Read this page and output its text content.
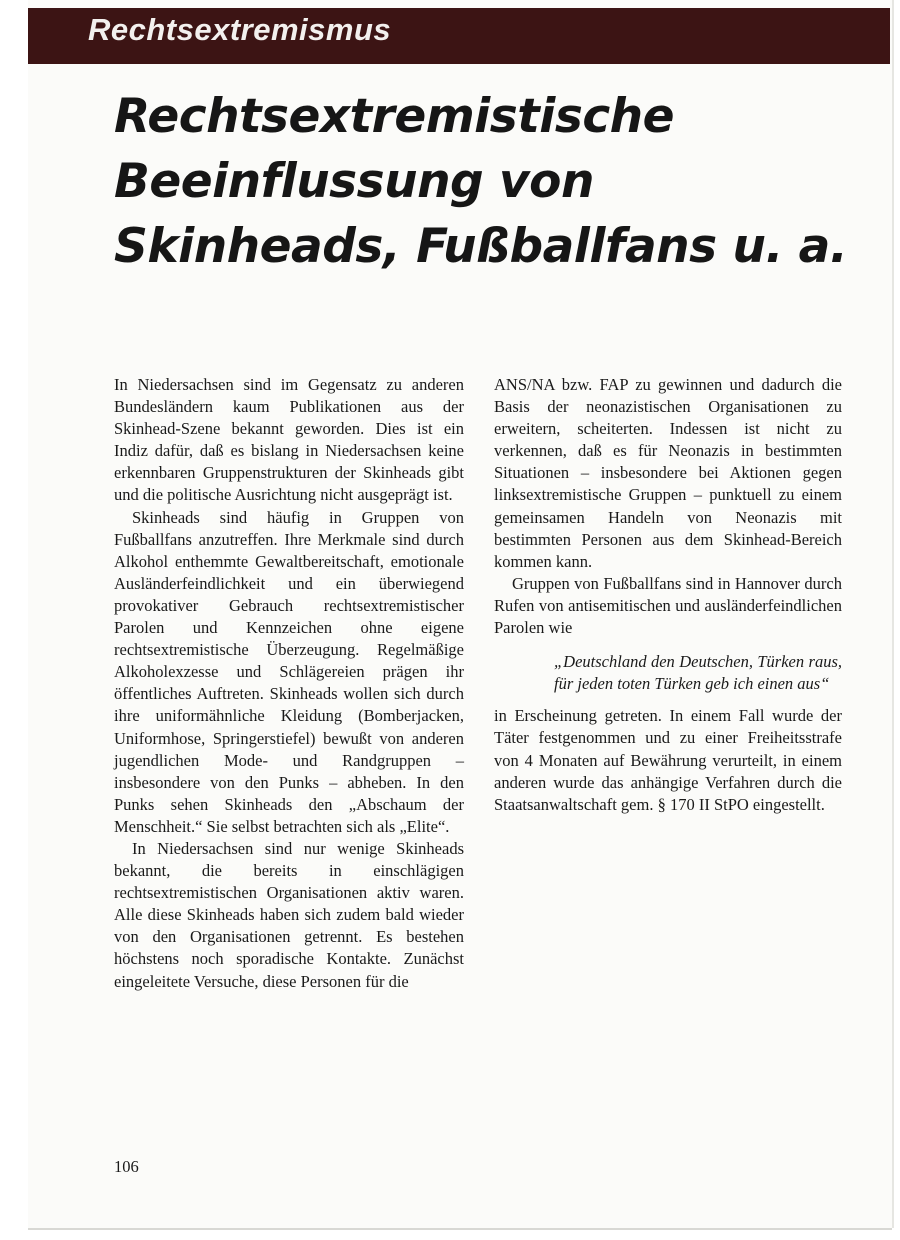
Rechtsextremismus
Rechtsextremistische Beeinflussung von Skinheads, Fußballfans u. a.

In Niedersachsen sind im Gegensatz zu anderen Bundesländern kaum Publikationen aus der Skinhead-Szene bekannt geworden. Dies ist ein Indiz dafür, daß es bislang in Niedersachsen keine erkennbaren Gruppenstrukturen der Skinheads gibt und die politische Ausrichtung nicht ausgeprägt ist.

Skinheads sind häufig in Gruppen von Fußballfans anzutreffen. Ihre Merkmale sind durch Alkohol enthemmte Gewaltbereitschaft, emotionale Ausländerfeindlichkeit und ein überwiegend provokativer Gebrauch rechtsextremistischer Parolen und Kennzeichen ohne eigene rechtsextremistische Überzeugung. Regelmäßige Alkoholexzesse und Schlägereien prägen ihr öffentliches Auftreten. Skinheads wollen sich durch ihre uniformähnliche Kleidung (Bomberjacken, Uniformhose, Springerstiefel) bewußt von anderen jugendlichen Mode- und Randgruppen – insbesondere von den Punks – abheben. In den Punks sehen Skinheads den „Abschaum der Menschheit.“ Sie selbst betrachten sich als „Elite“.

In Niedersachsen sind nur wenige Skinheads bekannt, die bereits in einschlägigen rechtsextremistischen Organisationen aktiv waren. Alle diese Skinheads haben sich zudem bald wieder von den Organisationen getrennt. Es bestehen höchstens noch sporadische Kontakte. Zunächst eingeleitete Versuche, diese Personen für die

ANS/NA bzw. FAP zu gewinnen und dadurch die Basis der neonazistischen Organisationen zu erweitern, scheiterten. Indessen ist nicht zu verkennen, daß es für Neonazis in bestimmten Situationen – insbesondere bei Aktionen gegen linksextremistische Gruppen – punktuell zu einem gemeinsamen Handeln von Neonazis mit bestimmten Personen aus dem Skinhead-Bereich kommen kann.

Gruppen von Fußballfans sind in Hannover durch Rufen von antisemitischen und ausländerfeindlichen Parolen wie

„Deutschland den Deutschen, Türken raus, für jeden toten Türken geb ich einen aus“

in Erscheinung getreten. In einem Fall wurde der Täter festgenommen und zu einer Freiheitsstrafe von 4 Monaten auf Bewährung verurteilt, in einem anderen wurde das anhängige Verfahren durch die Staatsanwaltschaft gem. § 170 II StPO eingestellt.

106
